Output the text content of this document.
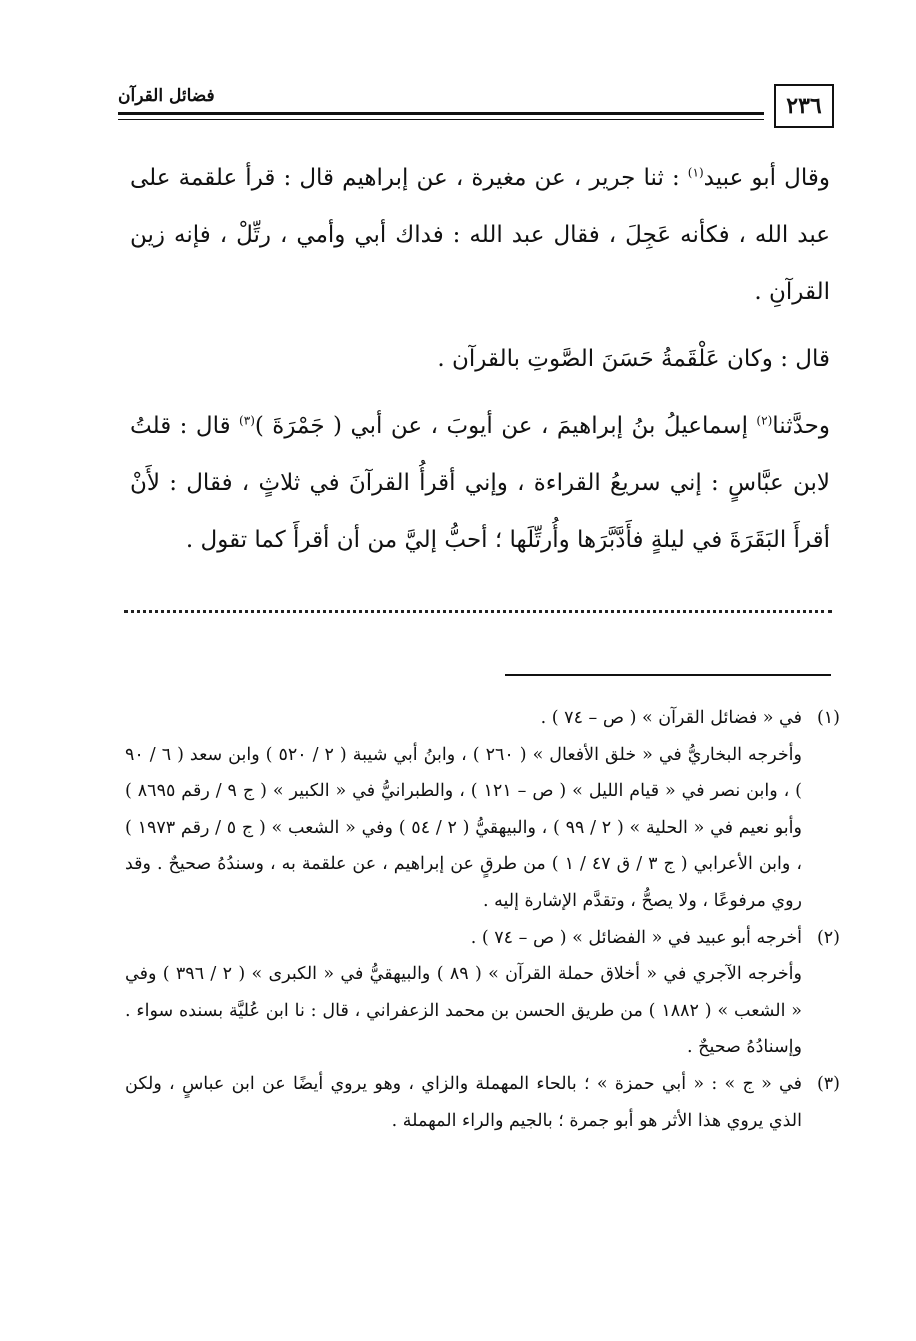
فضائل القرآن	٢٣٦

وقال أبو عبيد$^{(١)}$ : ثنا جرير ، عن مغيرة ، عن إبراهيم قال : قرأ علقمة على عبد الله ، فكأنه عَجِلَ ، فقال عبد الله : فداك أبي وأمي ، رتِّلْ ، فإنه زين القرآنِ .

قال : وكان عَلْقَمةُ حَسَنَ الصَّوتِ بالقرآن .

وحدَّثنا$^{(٢)}$ إسماعيلُ بنُ إبراهيمَ ، عن أيوبَ ، عن أبي ( جَمْرَةَ )$^{(٣)}$ قال : قلتُ لابن عبَّاسٍ : إني سريعُ القراءة ، وإني أقرأُ القرآنَ في ثلاثٍ ، فقال : لأَنْ أقرأَ البَقَرَةَ في ليلةٍ فأَدَّبَّرَها وأُرتِّلَها ؛ أحبُّ إليَّ من أن أقرأَ كما تقول .

(١)

في « فضائل القرآن » ( ص – ٧٤ ) .

وأخرجه البخاريُّ في « خلق الأفعال » ( ٢٦٠ ) ، وابنُ أبي شيبة ( ٢ / ٥٢٠ ) وابن سعد ( ٦ / ٩٠ ) ، وابن نصر في « قيام الليل » ( ص – ١٢١ ) ، والطبرانيُّ في « الكبير » ( ج ٩ / رقم ٨٦٩٥ ) وأبو نعيم في « الحلية » ( ٢ / ٩٩ ) ، والبيهقيُّ ( ٢ / ٥٤ ) وفي « الشعب » ( ج ٥ / رقم ١٩٧٣ ) ، وابن الأعرابي ( ج ٣ / ق ٤٧ / ١ ) من طرقٍ عن إبراهيم ، عن علقمة به ، وسندُهُ صحيحٌ . وقد روي مرفوعًا ، ولا يصحُّ ، وتقدَّم الإشارة إليه .

(٢)

أخرجه أبو عبيد في « الفضائل » ( ص – ٧٤ ) .

وأخرجه الآجري في « أخلاق حملة القرآن » ( ٨٩ ) والبيهقيُّ في « الكبرى » ( ٢ / ٣٩٦ ) وفي « الشعب » ( ١٨٨٢ ) من طريق الحسن بن محمد الزعفراني ، قال : نا ابن عُليَّة بسنده سواء . وإسنادُهُ صحيحٌ .

(٣)

في « ج » : « أبي حمزة » ؛ بالحاء المهملة والزاي ، وهو يروي أيضًا عن ابن عباسٍ ، ولكن الذي يروي هذا الأثر هو أبو جمرة ؛ بالجيم والراء المهملة .
